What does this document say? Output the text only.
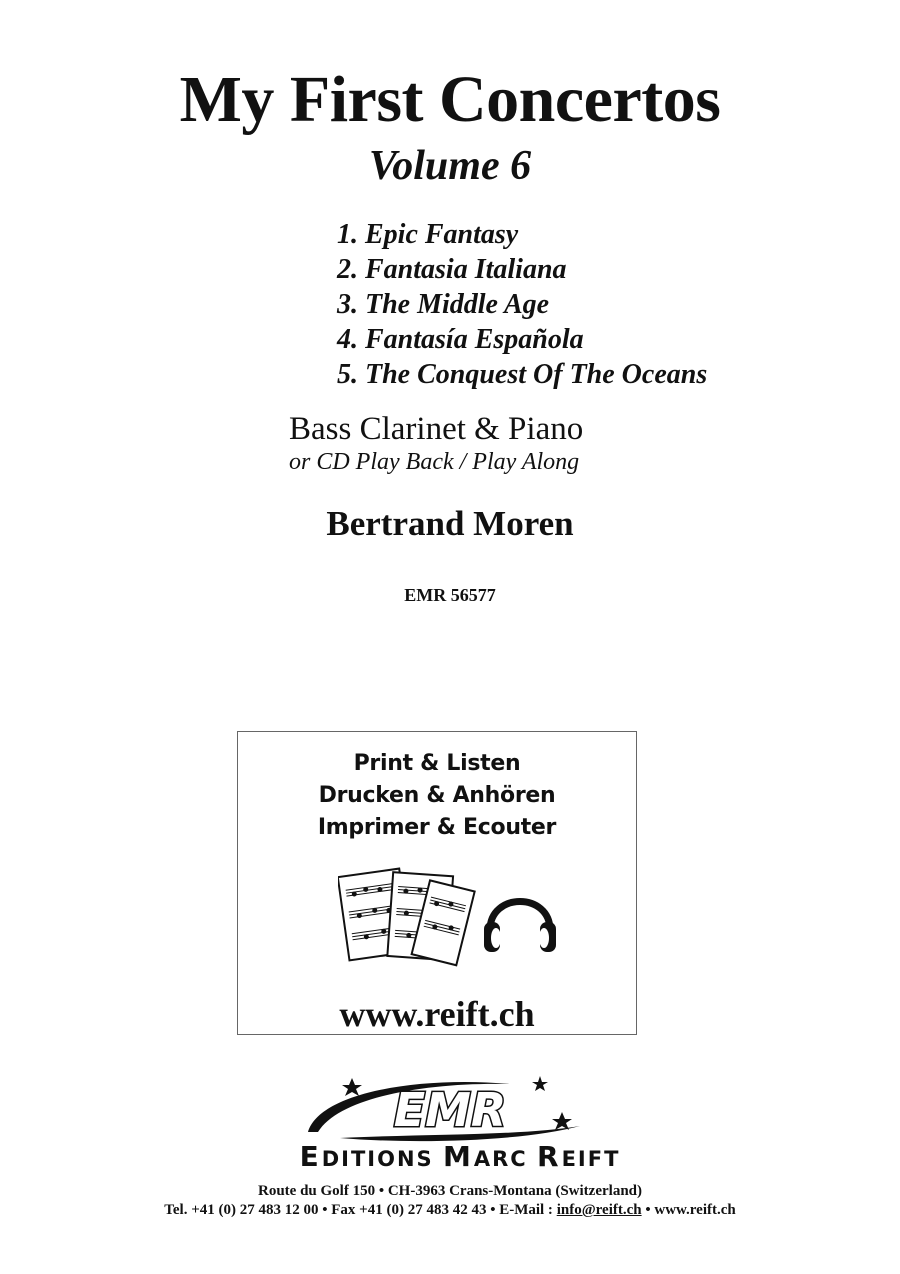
My First Concertos
Volume 6
1. Epic Fantasy
2. Fantasia Italiana
3. The Middle Age
4. Fantasía Española
5. The Conquest Of The Oceans
Bass Clarinet & Piano
or CD Play Back / Play Along
Bertrand Moren
EMR 56577
Print & Listen
Drucken & Anhören
Imprimer & Ecouter
www.reift.ch
EMR
EDITIONS MARC REIFT
Route du Golf 150 • CH-3963 Crans-Montana (Switzerland)
Tel. +41 (0) 27 483 12 00 • Fax +41 (0) 27 483 42 43 • E-Mail : info@reift.ch • www.reift.ch
